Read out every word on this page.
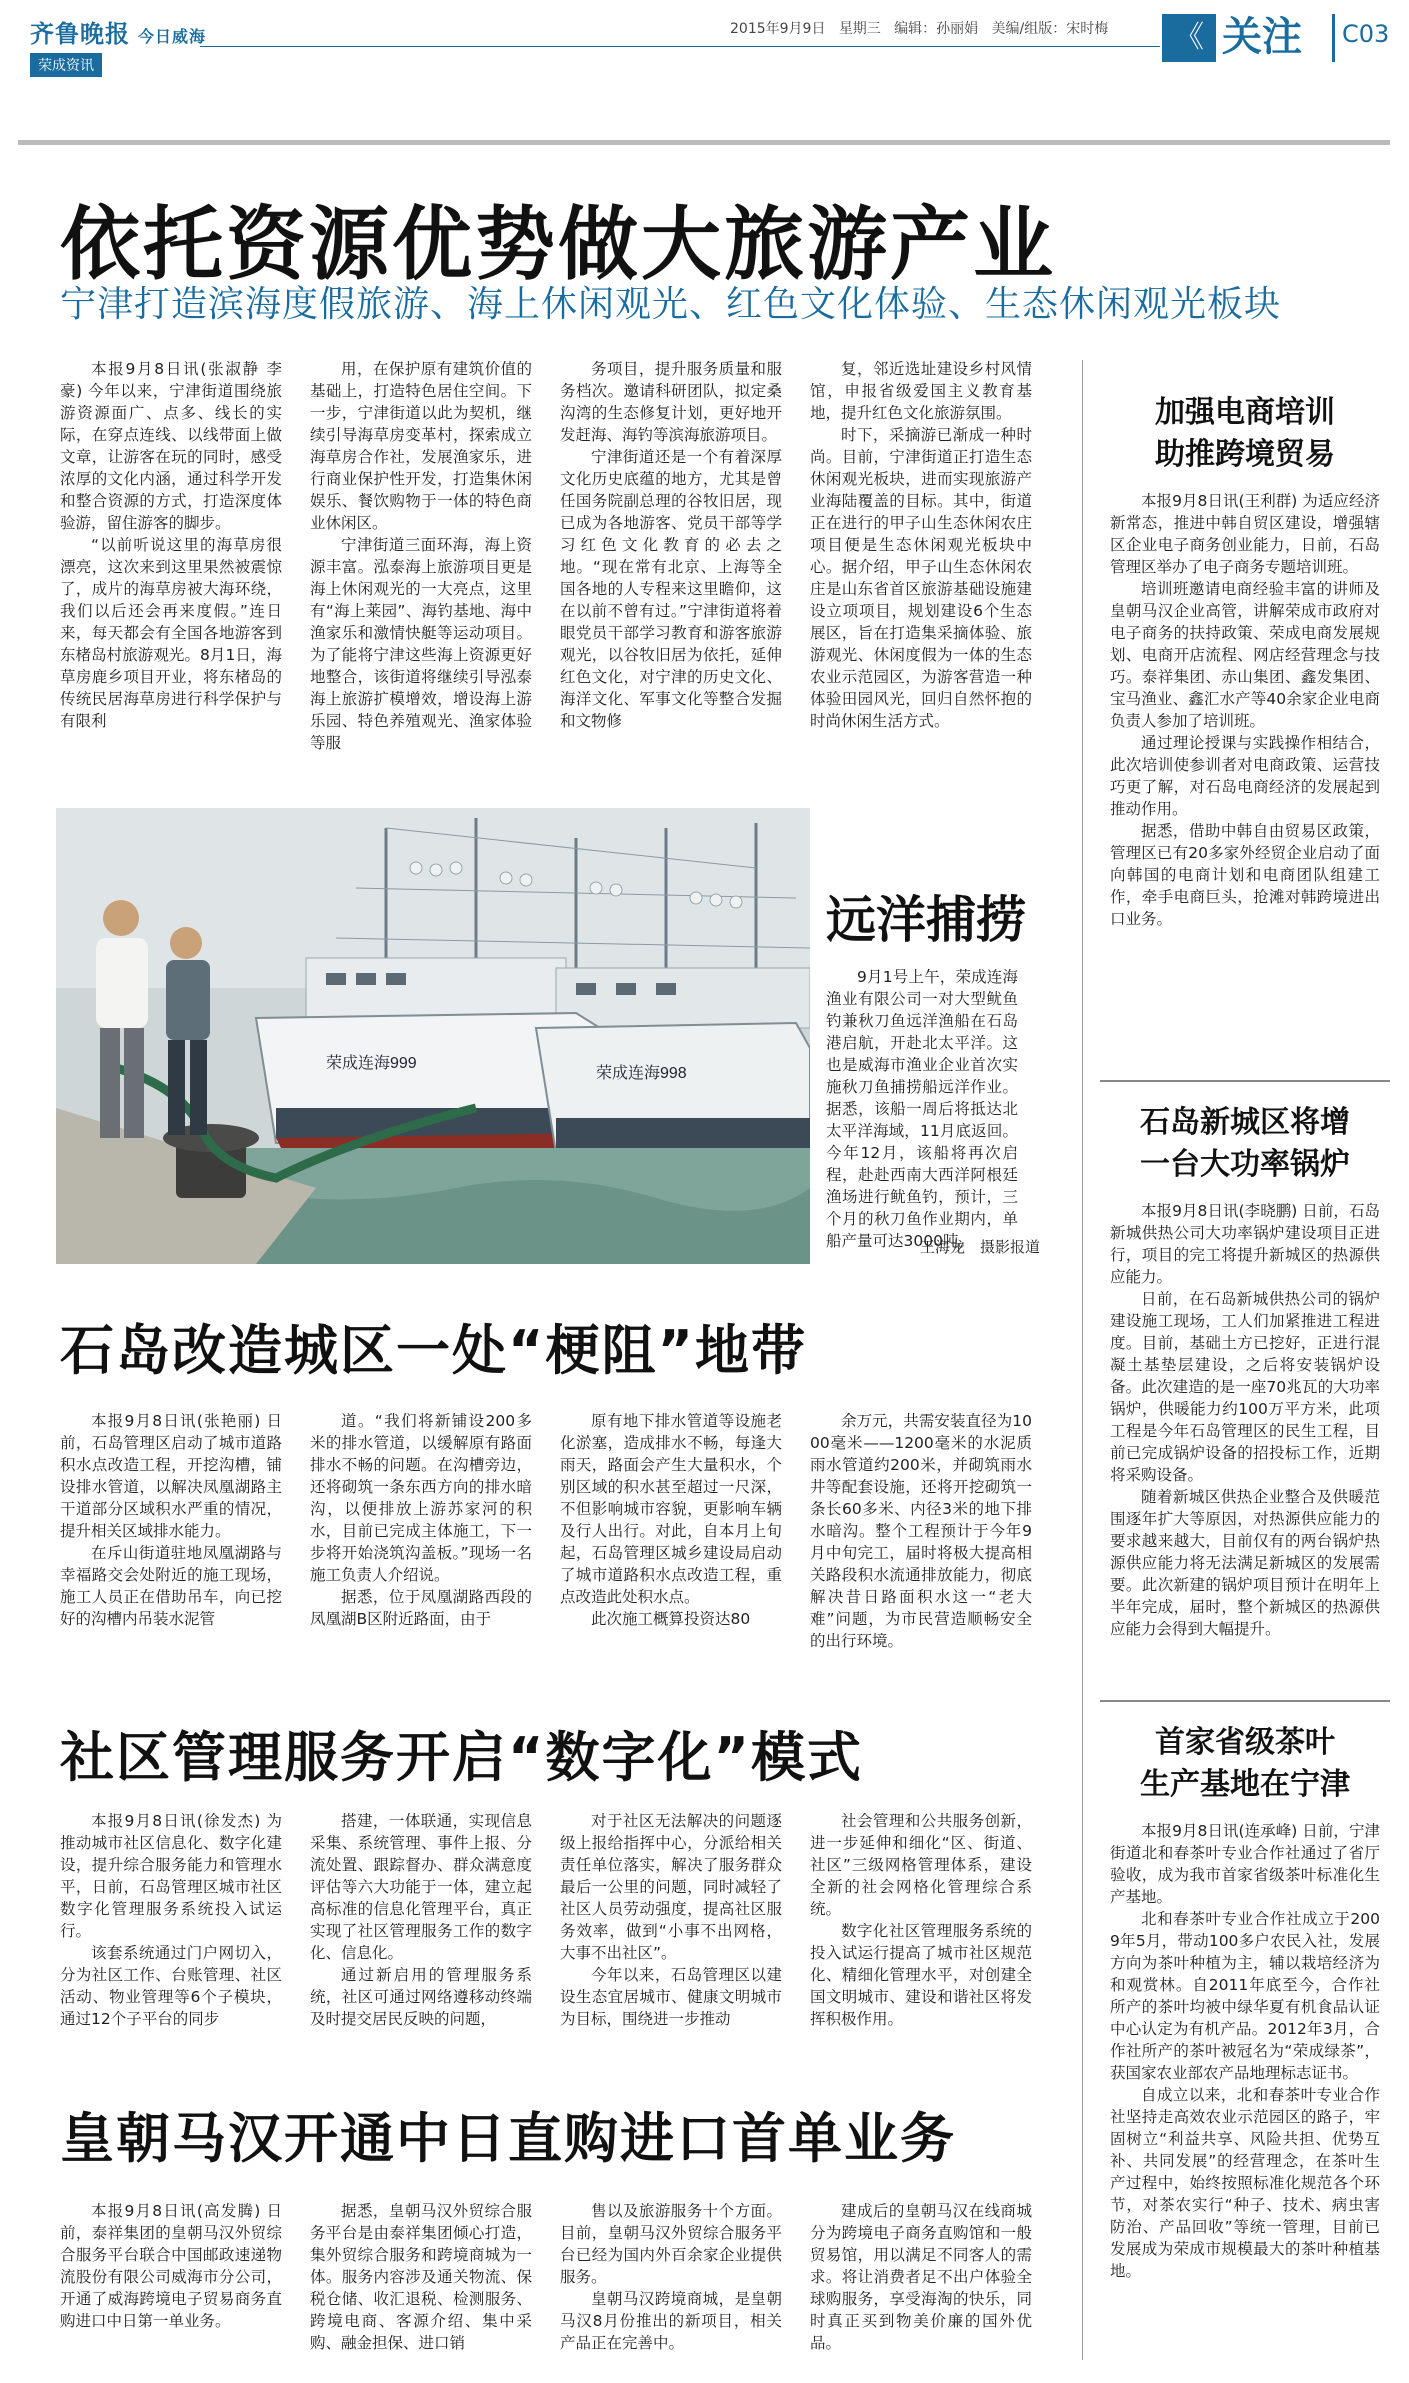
齐鲁晚报 今日威海
荣成资讯
2015年9月9日 星期三 编辑：孙丽娟 美编/组版：宋时梅	《 关注 C03
依托资源优势做大旅游产业
宁津打造滨海度假旅游、海上休闲观光、红色文化体验、生态休闲观光板块

本报9月8日讯(张淑静 李豪) 今年以来，宁津街道围绕旅游资源面广、点多、线长的实际，在穿点连线、以线带面上做文章，让游客在玩的同时，感受浓厚的文化内涵，通过科学开发和整合资源的方式，打造深度体验游，留住游客的脚步。

“以前听说这里的海草房很漂亮，这次来到这里果然被震惊了，成片的海草房被大海环绕，我们以后还会再来度假。”连日来，每天都会有全国各地游客到东楮岛村旅游观光。8月1日，海草房鹿乡项目开业，将东楮岛的传统民居海草房进行科学保护与有限利

用，在保护原有建筑价值的基础上，打造特色居住空间。下一步，宁津街道以此为契机，继续引导海草房变革村，探索成立海草房合作社，发展渔家乐，进行商业保护性开发，打造集休闲娱乐、餐饮购物于一体的特色商业休闲区。

宁津街道三面环海，海上资源丰富。泓泰海上旅游项目更是海上休闲观光的一大亮点，这里有“海上莱园”、海钓基地、海中渔家乐和激情快艇等运动项目。为了能将宁津这些海上资源更好地整合，该街道将继续引导泓泰海上旅游扩模增效，增设海上游乐园、特色养殖观光、渔家体验等服

务项目，提升服务质量和服务档次。邀请科研团队，拟定桑沟湾的生态修复计划，更好地开发赶海、海钓等滨海旅游项目。

宁津街道还是一个有着深厚文化历史底蕴的地方，尤其是曾任国务院副总理的谷牧旧居，现已成为各地游客、党员干部等学习红色文化教育的必去之地。“现在常有北京、上海等全国各地的人专程来这里瞻仰，这在以前不曾有过。”宁津街道将着眼党员干部学习教育和游客旅游观光，以谷牧旧居为依托，延伸红色文化，对宁津的历史文化、海洋文化、军事文化等整合发掘和文物修

复，邻近选址建设乡村风情馆，申报省级爱国主义教育基地，提升红色文化旅游氛围。

时下，采摘游已渐成一种时尚。目前，宁津街道正打造生态休闲观光板块，进而实现旅游产业海陆覆盖的目标。其中，街道正在进行的甲子山生态休闲农庄项目便是生态休闲观光板块中心。据介绍，甲子山生态休闲农庄是山东省首区旅游基础设施建设立项项目，规划建设6个生态展区，旨在打造集采摘体验、旅游观光、休闲度假为一体的生态农业示范园区，为游客营造一种体验田园风光，回归自然怀抱的时尚休闲生活方式。

荣成连海999
荣成连海998
远洋捕捞

9月1号上午，荣成连海渔业有限公司一对大型鱿鱼钓兼秋刀鱼远洋渔船在石岛港启航，开赴北太平洋。这也是威海市渔业企业首次实施秋刀鱼捕捞船远洋作业。据悉，该船一周后将抵达北太平洋海域，11月底返回。今年12月，该船将再次启程，赴赴西南大西洋阿根廷渔场进行鱿鱼钓，预计，三个月的秋刀鱼作业期内，单船产量可达3000吨。

王海龙　摄影报道
石岛改造城区一处“梗阻”地带

本报9月8日讯(张艳丽) 日前，石岛管理区启动了城市道路积水点改造工程，开挖沟槽，铺设排水管道，以解决凤凰湖路主干道部分区域积水严重的情况，提升相关区域排水能力。

在斥山街道驻地凤凰湖路与幸福路交会处附近的施工现场，施工人员正在借助吊车，向已挖好的沟槽内吊装水泥管

道。“我们将新铺设200多米的排水管道，以缓解原有路面排水不畅的问题。在沟槽旁边，还将砌筑一条东西方向的排水暗沟，以便排放上游苏家河的积水，目前已完成主体施工，下一步将开始浇筑沟盖板。”现场一名施工负责人介绍说。

据悉，位于凤凰湖路西段的凤凰湖B区附近路面，由于

原有地下排水管道等设施老化淤塞，造成排水不畅，每逢大雨天，路面会产生大量积水，个别区域的积水甚至超过一尺深，不但影响城市容貌，更影响车辆及行人出行。对此，自本月上旬起，石岛管理区城乡建设局启动了城市道路积水点改造工程，重点改造此处积水点。

此次施工概算投资达80

余万元，共需安装直径为1000毫米——1200毫米的水泥质雨水管道约200米，并砌筑雨水井等配套设施，还将开挖砌筑一条长60多米、内径3米的地下排水暗沟。整个工程预计于今年9月中旬完工，届时将极大提高相关路段积水流通排放能力，彻底解决昔日路面积水这一“老大难”问题，为市民营造顺畅安全的出行环境。

社区管理服务开启“数字化”模式

本报9月8日讯(徐发杰) 为推动城市社区信息化、数字化建设，提升综合服务能力和管理水平，日前，石岛管理区城市社区数字化管理服务系统投入试运行。

该套系统通过门户网切入，分为社区工作、台账管理、社区活动、物业管理等6个子模块，通过12个子平台的同步

搭建，一体联通，实现信息采集、系统管理、事件上报、分流处置、跟踪督办、群众满意度评估等六大功能于一体，建立起高标准的信息化管理平台，真正实现了社区管理服务工作的数字化、信息化。

通过新启用的管理服务系统，社区可通过网络遵移动终端及时提交居民反映的问题，

对于社区无法解决的问题逐级上报给指挥中心，分派给相关责任单位落实，解决了服务群众最后一公里的问题，同时减轻了社区人员劳动强度，提高社区服务效率，做到“小事不出网格，大事不出社区”。

今年以来，石岛管理区以建设生态宜居城市、健康文明城市为目标，围绕进一步推动

社会管理和公共服务创新，进一步延伸和细化“区、街道、社区”三级网格管理体系，建设全新的社会网格化管理综合系统。

数字化社区管理服务系统的投入试运行提高了城市社区规范化、精细化管理水平，对创建全国文明城市、建设和谐社区将发挥积极作用。

皇朝马汉开通中日直购进口首单业务

本报9月8日讯(高发腾) 日前，泰祥集团的皇朝马汉外贸综合服务平台联合中国邮政速递物流股份有限公司威海市分公司，开通了威海跨境电子贸易商务直购进口中日第一单业务。

据悉，皇朝马汉外贸综合服务平台是由泰祥集团倾心打造，集外贸综合服务和跨境商城为一体。服务内容涉及通关物流、保税仓储、收汇退税、检测服务、跨境电商、客源介绍、集中采购、融金担保、进口销

售以及旅游服务十个方面。目前，皇朝马汉外贸综合服务平台已经为国内外百余家企业提供服务。

皇朝马汉跨境商城，是皇朝马汉8月份推出的新项目，相关产品正在完善中。

建成后的皇朝马汉在线商城分为跨境电子商务直购馆和一般贸易馆，用以满足不同客人的需求。将让消费者足不出户体验全球购服务，享受海淘的快乐，同时真正买到物美价廉的国外优品。

加强电商培训
助推跨境贸易

本报9月8日讯(王利群) 为适应经济新常态，推进中韩自贸区建设，增强辖区企业电子商务创业能力，日前，石岛管理区举办了电子商务专题培训班。

培训班邀请电商经验丰富的讲师及皇朝马汉企业高管，讲解荣成市政府对电子商务的扶持政策、荣成电商发展规划、电商开店流程、网店经营理念与技巧。泰祥集团、赤山集团、鑫发集团、宝马渔业、鑫汇水产等40余家企业电商负责人参加了培训班。

通过理论授课与实践操作相结合，此次培训使参训者对电商政策、运营技巧更了解，对石岛电商经济的发展起到推动作用。

据悉，借助中韩自由贸易区政策，管理区已有20多家外经贸企业启动了面向韩国的电商计划和电商团队组建工作，牵手电商巨头，抢滩对韩跨境进出口业务。

石岛新城区将增
一台大功率锅炉

本报9月8日讯(李晓鹏) 日前，石岛新城供热公司大功率锅炉建设项目正进行，项目的完工将提升新城区的热源供应能力。

日前，在石岛新城供热公司的锅炉建设施工现场，工人们加紧推进工程进度。目前，基础土方已挖好，正进行混凝土基垫层建设，之后将安装锅炉设备。此次建造的是一座70兆瓦的大功率锅炉，供暖能力约100万平方米，此项工程是今年石岛管理区的民生工程，目前已完成锅炉设备的招投标工作，近期将采购设备。

随着新城区供热企业整合及供暖范围逐年扩大等原因，对热源供应能力的要求越来越大，目前仅有的两台锅炉热源供应能力将无法满足新城区的发展需要。此次新建的锅炉项目预计在明年上半年完成，届时，整个新城区的热源供应能力会得到大幅提升。

首家省级茶叶
生产基地在宁津

本报9月8日讯(连承峰) 日前，宁津街道北和春茶叶专业合作社通过了省厅验收，成为我市首家省级茶叶标准化生产基地。

北和春茶叶专业合作社成立于2009年5月，带动100多户农民入社，发展方向为茶叶种植为主，辅以栽培经济为和观赏林。自2011年底至今，合作社所产的茶叶均被中绿华夏有机食品认证中心认定为有机产品。2012年3月，合作社所产的茶叶被冠名为“荣成绿茶”，获国家农业部农产品地理标志证书。

自成立以来，北和春茶叶专业合作社坚持走高效农业示范园区的路子，牢固树立“利益共享、风险共担、优势互补、共同发展”的经营理念，在茶叶生产过程中，始终按照标准化规范各个环节，对茶农实行“种子、技术、病虫害防治、产品回收”等统一管理，目前已发展成为荣成市规模最大的茶叶种植基地。
